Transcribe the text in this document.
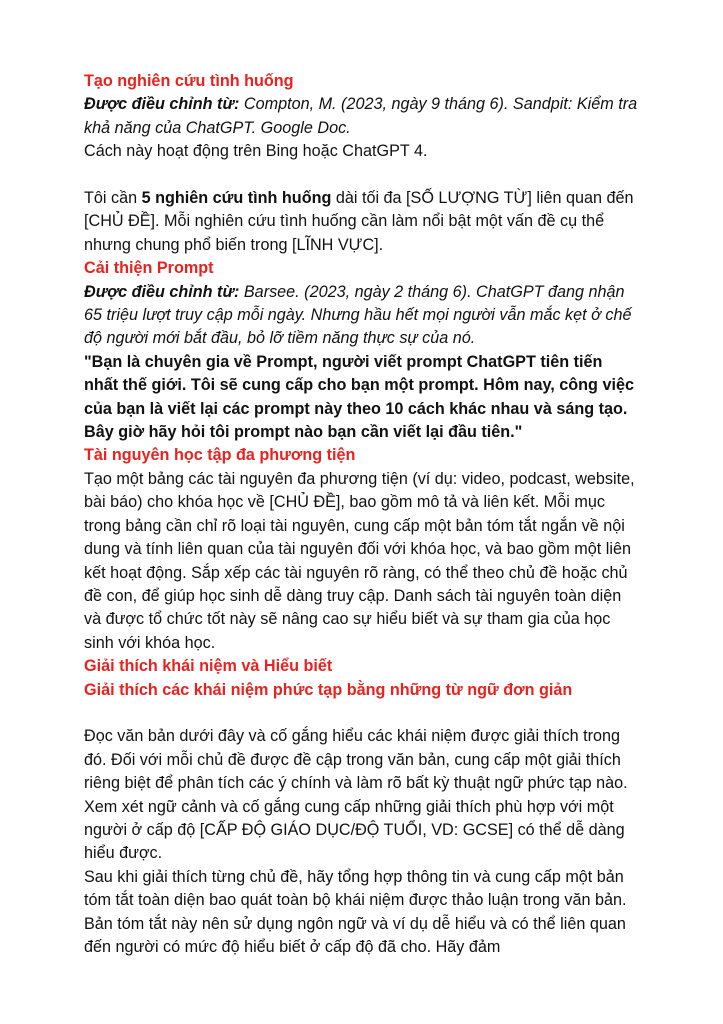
Tạo nghiên cứu tình huống

Được điều chỉnh từ: Compton, M. (2023, ngày 9 tháng 6). Sandpit: Kiểm tra khả năng của ChatGPT. Google Doc.

Cách này hoạt động trên Bing hoặc ChatGPT 4.

Tôi cần 5 nghiên cứu tình huống dài tối đa [SỐ LƯỢNG TỪ] liên quan đến [CHỦ ĐỀ]. Mỗi nghiên cứu tình huống cần làm nổi bật một vấn đề cụ thể nhưng chung phổ biến trong [LĨNH VỰC].

Cải thiện Prompt

Được điều chỉnh từ: Barsee. (2023, ngày 2 tháng 6). ChatGPT đang nhận 65 triệu lượt truy cập mỗi ngày. Nhưng hầu hết mọi người vẫn mắc kẹt ở chế độ người mới bắt đầu, bỏ lỡ tiềm năng thực sự của nó.

"Bạn là chuyên gia về Prompt, người viết prompt ChatGPT tiên tiến nhất thế giới. Tôi sẽ cung cấp cho bạn một prompt. Hôm nay, công việc của bạn là viết lại các prompt này theo 10 cách khác nhau và sáng tạo. Bây giờ hãy hỏi tôi prompt nào bạn cần viết lại đầu tiên."

Tài nguyên học tập đa phương tiện

Tạo một bảng các tài nguyên đa phương tiện (ví dụ: video, podcast, website, bài báo) cho khóa học về [CHỦ ĐỀ], bao gồm mô tả và liên kết. Mỗi mục trong bảng cần chỉ rõ loại tài nguyên, cung cấp một bản tóm tắt ngắn về nội dung và tính liên quan của tài nguyên đối với khóa học, và bao gồm một liên kết hoạt động. Sắp xếp các tài nguyên rõ ràng, có thể theo chủ đề hoặc chủ đề con, để giúp học sinh dễ dàng truy cập. Danh sách tài nguyên toàn diện và được tổ chức tốt này sẽ nâng cao sự hiểu biết và sự tham gia của học sinh với khóa học.

Giải thích khái niệm và Hiểu biết

Giải thích các khái niệm phức tạp bằng những từ ngữ đơn giản

Đọc văn bản dưới đây và cố gắng hiểu các khái niệm được giải thích trong đó. Đối với mỗi chủ đề được đề cập trong văn bản, cung cấp một giải thích riêng biệt để phân tích các ý chính và làm rõ bất kỳ thuật ngữ phức tạp nào. Xem xét ngữ cảnh và cố gắng cung cấp những giải thích phù hợp với một người ở cấp độ [CẤP ĐỘ GIÁO DỤC/ĐỘ TUỔI, VD: GCSE] có thể dễ dàng hiểu được.

Sau khi giải thích từng chủ đề, hãy tổng hợp thông tin và cung cấp một bản tóm tắt toàn diện bao quát toàn bộ khái niệm được thảo luận trong văn bản. Bản tóm tắt này nên sử dụng ngôn ngữ và ví dụ dễ hiểu và có thể liên quan đến người có mức độ hiểu biết ở cấp độ đã cho. Hãy đảm
